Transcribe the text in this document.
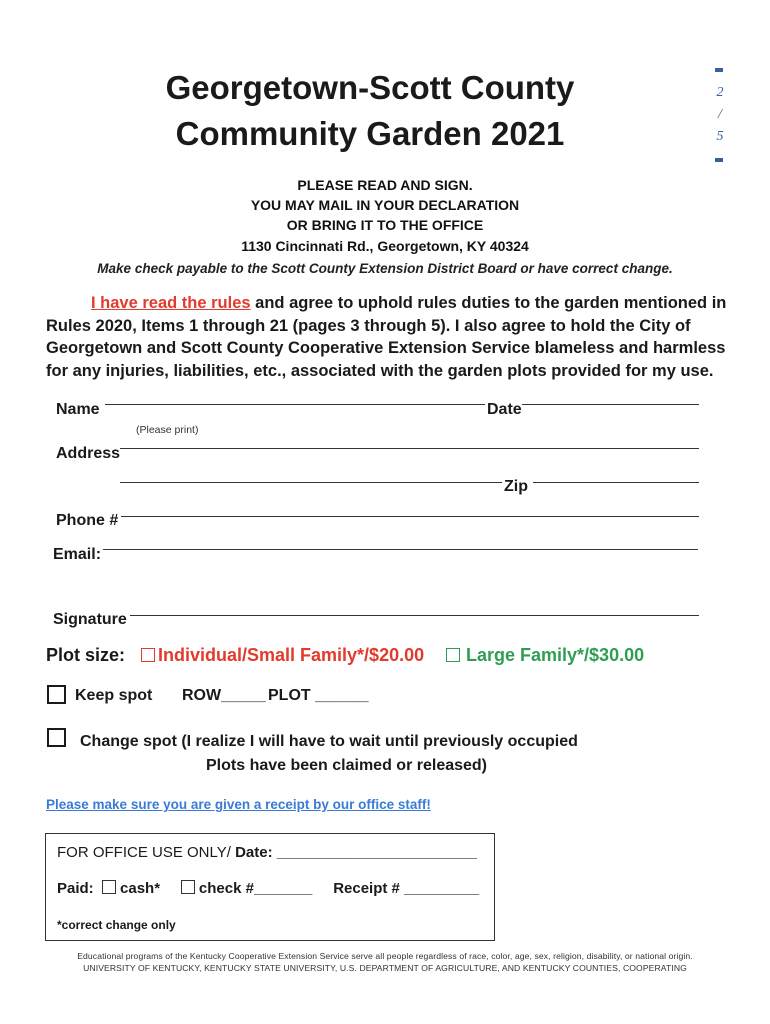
Georgetown-Scott County
Community Garden 2021
2
/
5
PLEASE READ AND SIGN.
YOU MAY MAIL IN YOUR DECLARATION
OR BRING IT TO THE OFFICE
1130 Cincinnati Rd., Georgetown, KY 40324
Make check payable to the Scott County Extension District Board or have correct change.
I have read the rules and agree to uphold rules duties to the garden mentioned in
Rules 2020, Items 1 through 21 (pages 3 through 5). I also agree to hold the City of
Georgetown and Scott County Cooperative Extension Service blameless and harmless
for any injuries, liabilities, etc., associated with the garden plots provided for my use.
Name	Date
(Please print)
Address
Zip
Phone #
Email:
Signature
Plot size:	Individual/Small Family*/$20.00	Large Family*/$30.00
Keep spot ROW_____ PLOT ______
Change spot (I realize I will have to wait until previously occupied
Plots have been claimed or released)
Please make sure you are given a receipt by our office staff!
FOR OFFICE USE ONLY/ Date: ________________________
Paid: cash*	check #_______ Receipt # _________
*correct change only
Educational programs of the Kentucky Cooperative Extension Service serve all people regardless of race, color, age, sex, religion, disability, or national origin.
UNIVERSITY OF KENTUCKY, KENTUCKY STATE UNIVERSITY, U.S. DEPARTMENT OF AGRICULTURE, AND KENTUCKY COUNTIES, COOPERATING
